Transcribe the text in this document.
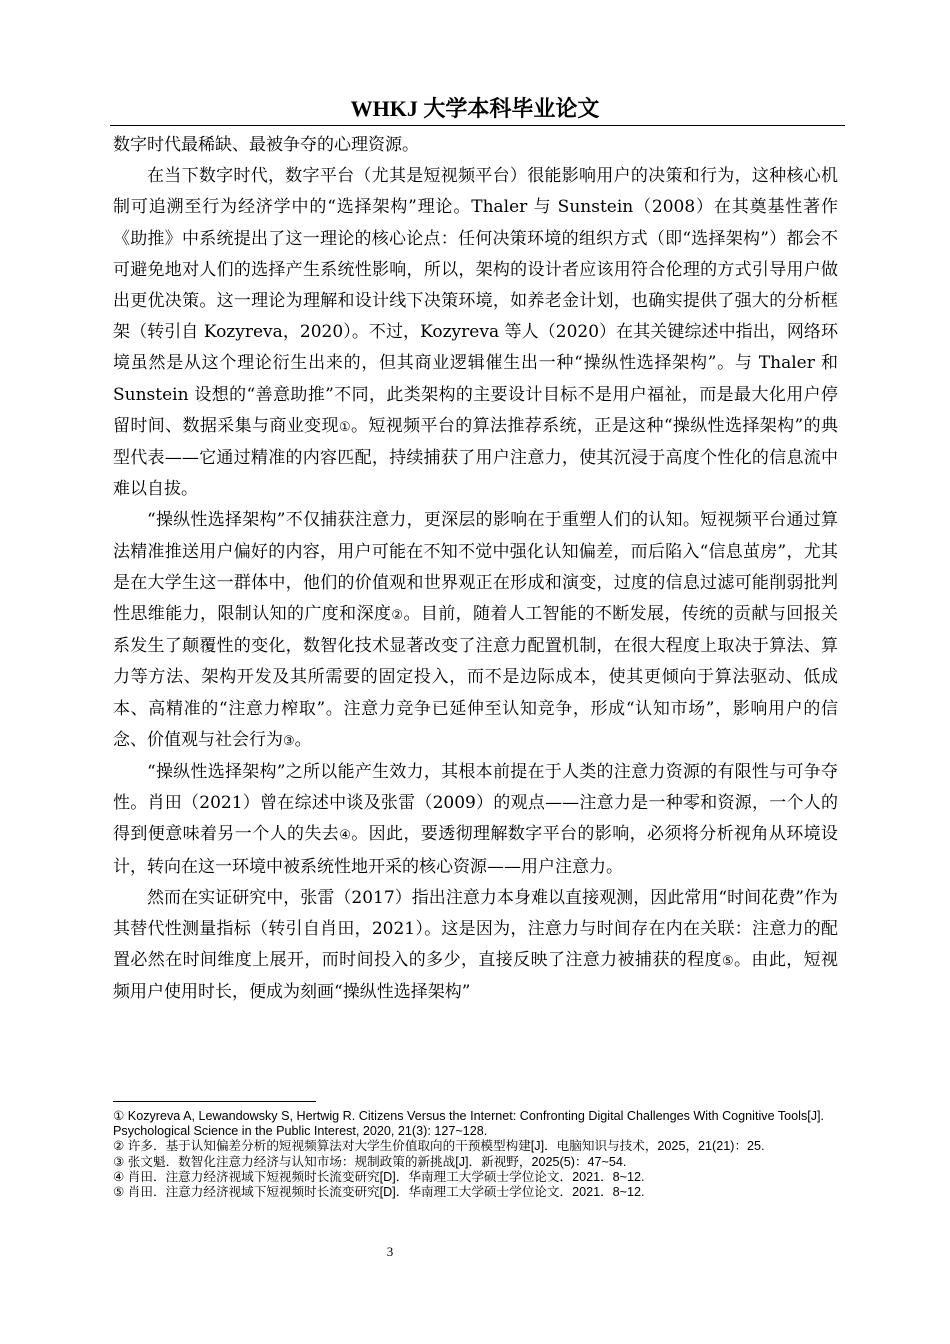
WHKJ 大学本科毕业论文

数字时代最稀缺、最被争夺的心理资源。

在当下数字时代，数字平台（尤其是短视频平台）很能影响用户的决策和行为，这种核心机制可追溯至行为经济学中的“选择架构”理论。Thaler 与 Sunstein（2008）在其奠基性著作《助推》中系统提出了这一理论的核心论点：任何决策环境的组织方式（即“选择架构”）都会不可避免地对人们的选择产生系统性影响，所以，架构的设计者应该用符合伦理的方式引导用户做出更优决策。这一理论为理解和设计线下决策环境，如养老金计划，也确实提供了强大的分析框架（转引自 Kozyreva，2020）。不过，Kozyreva 等人（2020）在其关键综述中指出，网络环境虽然是从这个理论衍生出来的，但其商业逻辑催生出一种“操纵性选择架构”。与 Thaler 和 Sunstein 设想的“善意助推”不同，此类架构的主要设计目标不是用户福祉，而是最大化用户停留时间、数据采集与商业变现①。短视频平台的算法推荐系统，正是这种“操纵性选择架构”的典型代表——它通过精准的内容匹配，持续捕获了用户注意力，使其沉浸于高度个性化的信息流中难以自拔。

“操纵性选择架构”不仅捕获注意力，更深层的影响在于重塑人们的认知。短视频平台通过算法精准推送用户偏好的内容，用户可能在不知不觉中强化认知偏差，而后陷入“信息茧房”，尤其是在大学生这一群体中，他们的价值观和世界观正在形成和演变，过度的信息过滤可能削弱批判性思维能力，限制认知的广度和深度②。目前，随着人工智能的不断发展，传统的贡献与回报关系发生了颠覆性的变化，数智化技术显著改变了注意力配置机制，在很大程度上取决于算法、算力等方法、架构开发及其所需要的固定投入，而不是边际成本，使其更倾向于算法驱动、低成本、高精准的“注意力榨取”。注意力竞争已延伸至认知竞争，形成“认知市场”，影响用户的信念、价值观与社会行为③。

“操纵性选择架构”之所以能产生效力，其根本前提在于人类的注意力资源的有限性与可争夺性。肖田（2021）曾在综述中谈及张雷（2009）的观点——注意力是一种零和资源，一个人的得到便意味着另一个人的失去④。因此，要透彻理解数字平台的影响，必须将分析视角从环境设计，转向在这一环境中被系统性地开采的核心资源——用户注意力。

然而在实证研究中，张雷（2017）指出注意力本身难以直接观测，因此常用“时间花费”作为其替代性测量指标（转引自肖田，2021）。这是因为，注意力与时间存在内在关联：注意力的配置必然在时间维度上展开，而时间投入的多少，直接反映了注意力被捕获的程度⑤。由此，短视频用户使用时长，便成为刻画“操纵性选择架构”

① Kozyreva A, Lewandowsky S, Hertwig R. Citizens Versus the Internet: Confronting Digital Challenges With Cognitive Tools[J]. Psychological Science in the Public Interest, 2020, 21(3): 127~128.

② 许多．基于认知偏差分析的短视频算法对大学生价值取向的干预模型构建[J]．电脑知识与技术，2025，21(21)：25.

③ 张文魁．数智化注意力经济与认知市场：规制政策的新挑战[J]．新视野，2025(5)：47~54.

④ 肖田．注意力经济视域下短视频时长流变研究[D]．华南理工大学硕士学位论文．2021．8~12.

⑤ 肖田．注意力经济视域下短视频时长流变研究[D]．华南理工大学硕士学位论文．2021．8~12.

3
